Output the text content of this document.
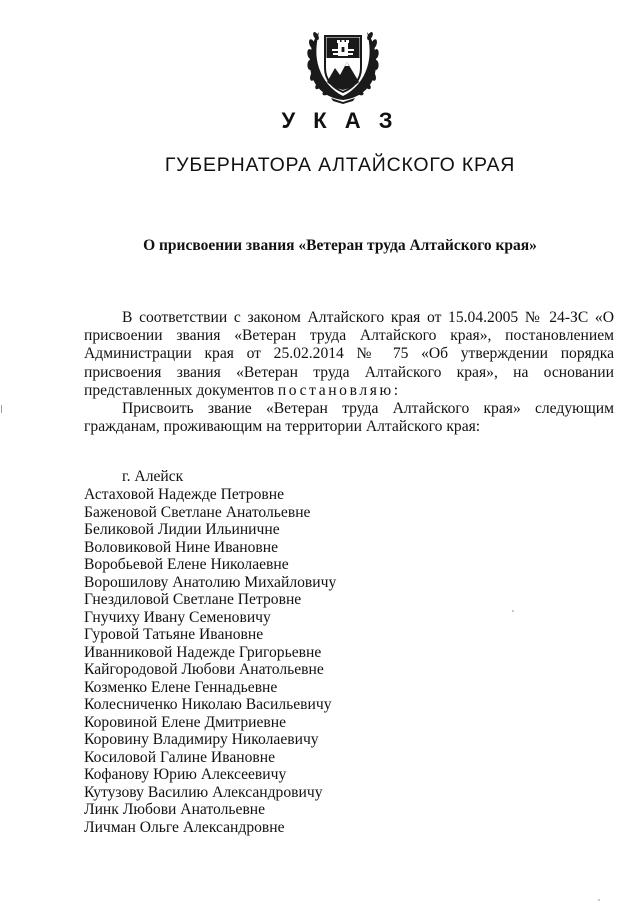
У К А З
ГУБЕРНАТОРА АЛТАЙСКОГО КРАЯ
О присвоении звания «Ветеран труда Алтайского края»

В соответствии с законом Алтайского края от 15.04.2005 № 24-ЗС «О присвоении звания «Ветеран труда Алтайского края», постановлением Администрации края от 25.02.2014 № 75 «Об утверждении порядка присвоения звания «Ветеран труда Алтайского края», на основании представленных документов постановляю:

Присвоить звание «Ветеран труда Алтайского края» следующим гражданам, проживающим на территории Алтайского края:

г. Алейск
Астаховой Надежде Петровне
Баженовой Светлане Анатольевне
Беликовой Лидии Ильиничне
Воловиковой Нине Ивановне
Воробьевой Елене Николаевне
Ворошилову Анатолию Михайловичу
Гнездиловой Светлане Петровне
Гнучиху Ивану Семеновичу
Гуровой Татьяне Ивановне
Иванниковой Надежде Григорьевне
Кайгородовой Любови Анатольевне
Козменко Елене Геннадьевне
Колесниченко Николаю Васильевичу
Коровиной Елене Дмитриевне
Коровину Владимиру Николаевичу
Косиловой Галине Ивановне
Кофанову Юрию Алексеевичу
Кутузову Василию Александровичу
Линк Любови Анатольевне
Личман Ольге Александровне
